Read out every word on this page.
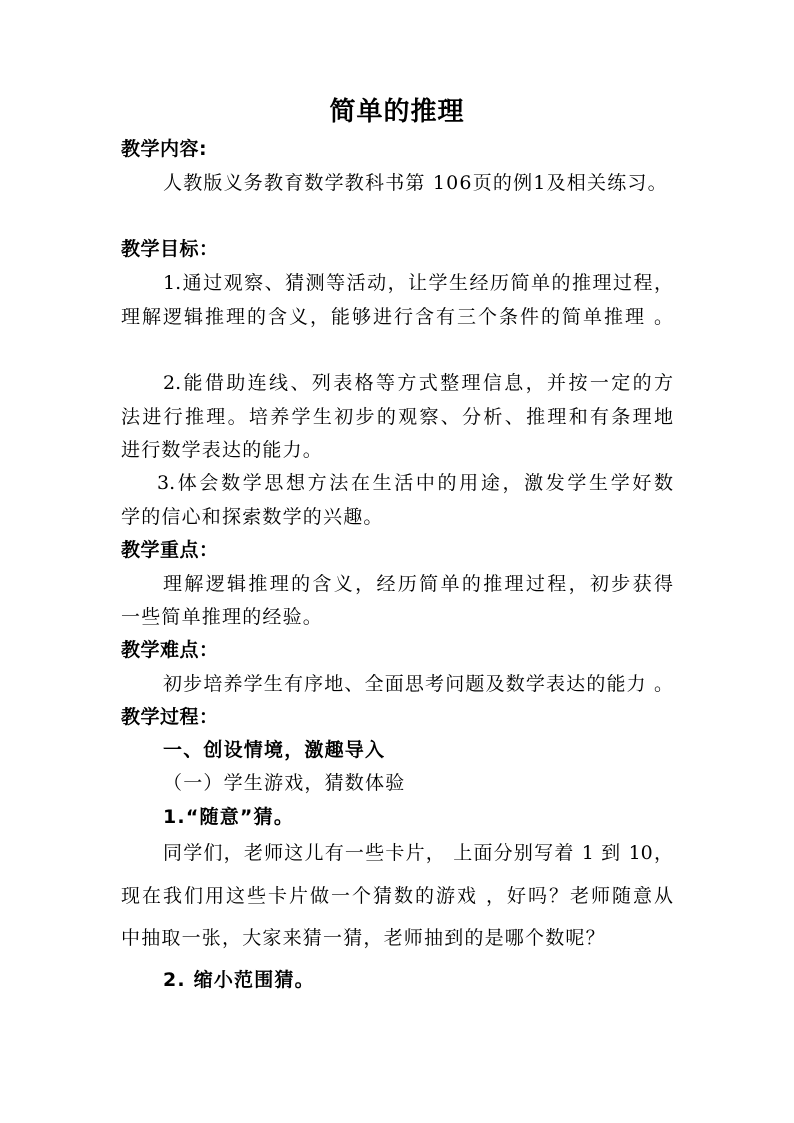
简单的推理
教学内容:
人教版义务教育数学教科书第 106页的例1及相关练习。
教学目标：
1.通过观察、猜测等活动，让学生经历简单的推理过程，
理解逻辑推理的含义，能够进行含有三个条件的简单推理 。
2.能借助连线、列表格等方式整理信息，并按一定的方
法进行推理。培养学生初步的观察、分析、推理和有条理地
进行数学表达的能力。
3.体会数学思想方法在生活中的用途，激发学生学好数
学的信心和探索数学的兴趣。
教学重点：
理解逻辑推理的含义，经历简单的推理过程，初步获得
一些简单推理的经验。
教学难点：
初步培养学生有序地、全面思考问题及数学表达的能力 。
教学过程：
一、创设情境，激趣导入
（一）学生游戏，猜数体验
1.“随意”猜。
同学们，老师这儿有一些卡片， 上面分别写着 1 到 10，
现在我们用这些卡片做一个猜数的游戏 ，好吗？老师随意从
中抽取一张，大家来猜一猜，老师抽到的是哪个数呢？
2. 缩小范围猜。
